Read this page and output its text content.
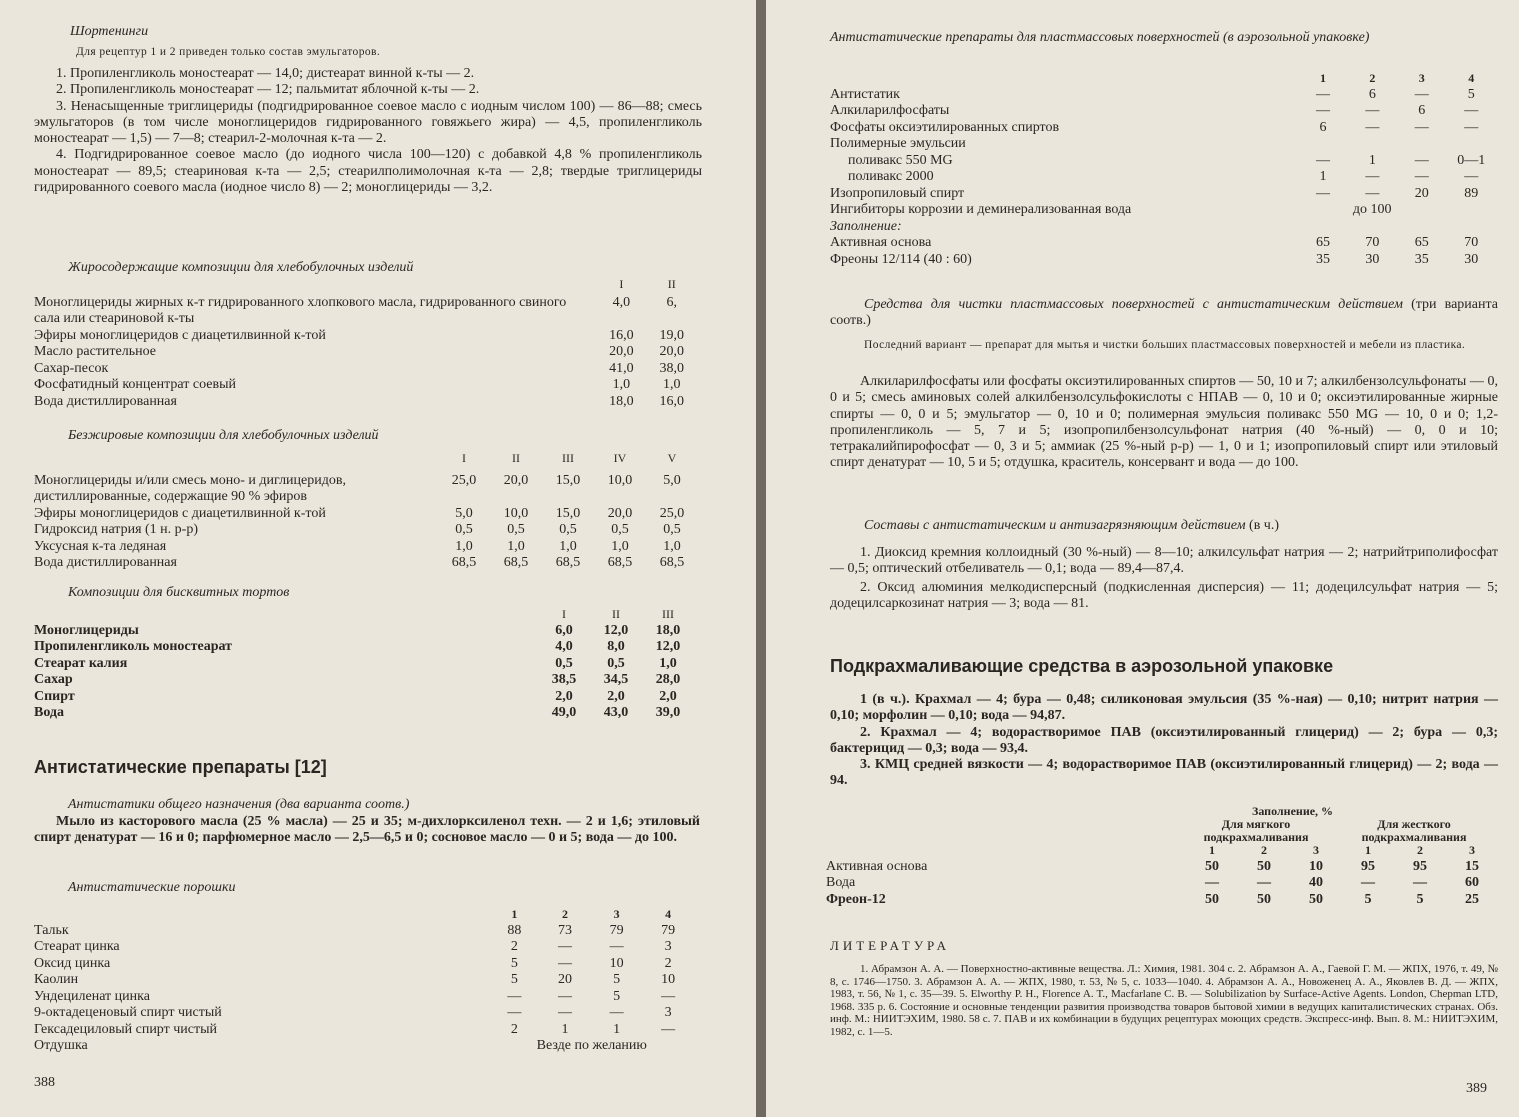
Шортенинги
Для рецептур 1 и 2 приведен только состав эмульгаторов.
1. Пропиленгликоль моностеарат — 14,0; дистеарат винной к-ты — 2.
2. Пропиленгликоль моностеарат — 12; пальмитат яблочной к-ты — 2.
3. Ненасыщенные триглицериды (подгидрированное соевое масло с иодным числом 100) — 86—88; смесь эмульгаторов (в том числе моноглицеридов гидрированного говяжьего жира) — 4,5, пропиленгликоль моностеарат — 1,5) — 7—8; стеарил-2-молочная к-та — 2.
4. Подгидрированное соевое масло (до иодного числа 100—120) с добавкой 4,8 % пропиленгликоль моностеарат — 89,5; стеариновая к-та — 2,5; стеарилполимолочная к-та — 2,8; твердые триглицериды гидрированного соевого масла (иодное число 8) — 2; моноглицериды — 3,2.
Жиросодержащие композиции для хлебобулочных изделий
	I	II
Моноглицериды жирных к-т гидрированного хлопкового масла, гидрированного свиного сала или стеариновой к-ты	4,0	6,
Эфиры моноглицеридов с диацетилвинной к-той	16,0	19,0
Масло растительное	20,0	20,0
Сахар-песок	41,0	38,0
Фосфатидный концентрат соевый	1,0	1,0
Вода дистиллированная	18,0	16,0
Безжировые композиции для хлебобулочных изделий
	I	II	III	IV	V
Моноглицериды и/или смесь моно- и диглицеридов, дистиллированные, содержащие 90 % эфиров	25,0	20,0	15,0	10,0	5,0
Эфиры моноглицеридов с диацетилвинной к-той	5,0	10,0	15,0	20,0	25,0
Гидроксид натрия (1 н. р-р)	0,5	0,5	0,5	0,5	0,5
Уксусная к-та ледяная	1,0	1,0	1,0	1,0	1,0
Вода дистиллированная	68,5	68,5	68,5	68,5	68,5
Композиции для бисквитных тортов
	I	II	III
Моноглицериды	6,0	12,0	18,0
Пропиленгликоль моностеарат	4,0	8,0	12,0
Стеарат калия	0,5	0,5	1,0
Сахар	38,5	34,5	28,0
Спирт	2,0	2,0	2,0
Вода	49,0	43,0	39,0
Антистатические препараты [12]
Антистатики общего назначения (два варианта соотв.)
Мыло из касторового масла (25 % масла) — 25 и 35; м-дихлорксиленол техн. — 2 и 1,6; этиловый спирт денатурат — 16 и 0; парфюмерное масло — 2,5—6,5 и 0; сосновое масло — 0 и 5; вода — до 100.
Антистатические порошки
	1	2	3	4
Тальк	88	73	79	79
Стеарат цинка	2	—	—	3
Оксид цинка	5	—	10	2
Каолин	5	20	5	10
Ундециленат цинка	—	—	5	—
9-октадеценовый спирт чистый	—	—	—	3
Гексадециловый спирт чистый	2	1	1	—
Отдушка	Везде по желанию			
388
Антистатические препараты для пластмассовых поверхностей (в аэрозольной упаковке)
	1	2	3	4
Антистатик	—	6	—	5
Алкиларилфосфаты	—	—	6	—
Фосфаты оксиэтилированных спиртов	6	—	—	—
Полимерные эмульсии				
поливакс 550 MG	—	1	—	0—1
поливакс 2000	1	—	—	—
Изопропиловый спирт	—	—	20	89
Ингибиторы коррозии и деминерализованная вода	до 100			
Заполнение:				
Активная основа	65	70	65	70
Фреоны 12/114 (40 : 60)	35	30	35	30
Средства для чистки пластмассовых поверхностей с антистатическим действием (три варианта соотв.)
Последний вариант — препарат для мытья и чистки больших пластмассовых поверхностей и мебели из пластика.
Алкиларилфосфаты или фосфаты оксиэтилированных спиртов — 50, 10 и 7; алкилбензолсульфонаты — 0, 0 и 5; смесь аминовых солей алкилбензолсульфокислоты с НПАВ — 0, 10 и 0; оксиэтилированные жирные спирты — 0, 0 и 5; эмульгатор — 0, 10 и 0; полимерная эмульсия поливакс 550 MG — 10, 0 и 0; 1,2-пропиленгликоль — 5, 7 и 5; изопропилбензолсульфонат натрия (40 %-ный) — 0, 0 и 10; тетракалийпирофосфат — 0, 3 и 5; аммиак (25 %-ный р-р) — 1, 0 и 1; изопропиловый спирт или этиловый спирт денатурат — 10, 5 и 5; отдушка, краситель, консервант и вода — до 100.
Составы с антистатическим и антизагрязняющим действием (в ч.)
1. Диоксид кремния коллоидный (30 %-ный) — 8—10; алкилсульфат натрия — 2; натрийтриполифосфат — 0,5; оптический отбеливатель — 0,1; вода — 89,4—87,4.
2. Оксид алюминия мелкодисперсный (подкисленная дисперсия) — 11; додецилсульфат натрия — 5; додецилсаркозинат натрия — 3; вода — 81.
Подкрахмаливающие средства в аэрозольной упаковке
1 (в ч.). Крахмал — 4; бура — 0,48; силиконовая эмульсия (35 %-ная) — 0,10; нитрит натрия — 0,10; морфолин — 0,10; вода — 94,87.
2. Крахмал — 4; водорастворимое ПАВ (оксиэтилированный глицерид) — 2; бура — 0,3; бактерицид — 0,3; вода — 93,4.
3. КМЦ средней вязкости — 4; водорастворимое ПАВ (оксиэтилированный глицерид) — 2; вода — 94.
Заполнение, %
Для мягкого подкрахмаливания
Для жесткого подкрахмаливания
	1	2	3	1	2	3
Активная основа	50	50	10	95	95	15
Вода	—	—	40	—	—	60
Фреон-12	50	50	50	5	5	25
ЛИТЕРАТУРА
1. Абрамзон А. А. — Поверхностно-активные вещества. Л.: Химия, 1981. 304 с. 2. Абрамзон А. А., Гаевой Г. М. — ЖПХ, 1976, т. 49, № 8, с. 1746—1750. 3. Абрамзон А. А. — ЖПХ, 1980, т. 53, № 5, с. 1033—1040. 4. Абрамзон А. А., Новоженец А. А., Яковлев В. Д. — ЖПХ, 1983, т. 56, № 1, с. 35—39. 5. Elworthy P. H., Florence A. T., Macfarlane C. B. — Solubilization by Surface-Active Agents. London, Chepman LTD, 1968. 335 p. 6. Состояние и основные тенденции развития производства товаров бытовой химии в ведущих капиталистических странах. Обз. инф. М.: НИИТЭХИМ, 1980. 58 с. 7. ПАВ и их комбинации в будущих рецептурах моющих средств. Экспресс-инф. Вып. 8. М.: НИИТЭХИМ, 1982, с. 1—5.
389
